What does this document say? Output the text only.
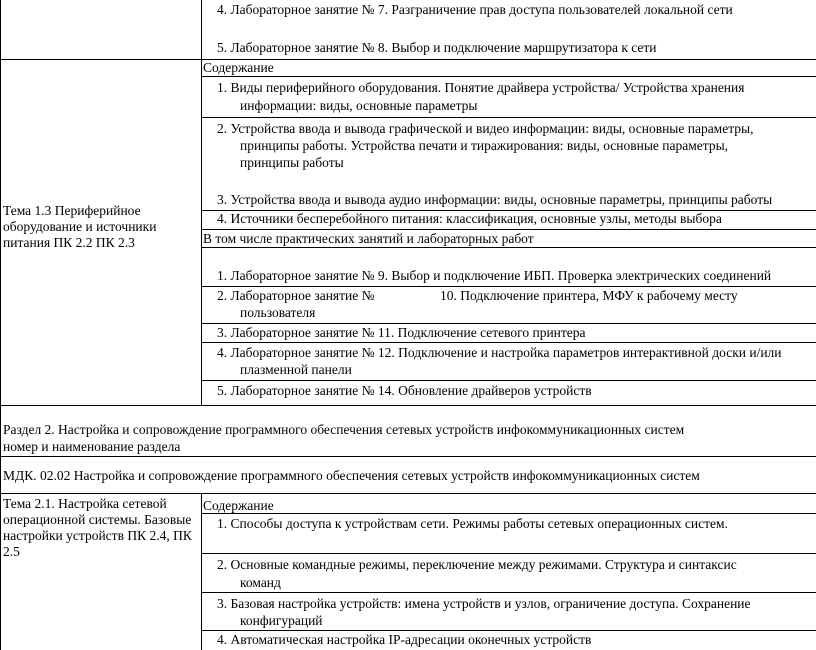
4. Лабораторное занятие № 7. Разграничение прав доступа пользователей локальной сети
5. Лабораторное занятие № 8. Выбор и подключение маршрутизатора к сети
Тема 1.3 Периферийное оборудование и источники питания ПК 2.2 ПК 2.3
Содержание
1. Виды периферийного оборудования. Понятие драйвера устройства/ Устройства хранения
информации: виды, основные параметры
2. Устройства ввода и вывода графической и видео информации: виды, основные параметры,
принципы работы. Устройства печати и тиражирования: виды, основные параметры,
принципы работы
3. Устройства ввода и вывода аудио информации: виды, основные параметры, принципы работы
4. Источники бесперебойного питания: классификация, основные узлы, методы выбора
В том числе практических занятий и лабораторных работ
1. Лабораторное занятие № 9. Выбор и подключение ИБП. Проверка электрических соединений
2. Лабораторное занятие №	10. Подключение принтера, МФУ к рабочему месту
пользователя
3. Лабораторное занятие № 11. Подключение сетевого принтера
4. Лабораторное занятие № 12. Подключение и настройка параметров интерактивной доски и/или
плазменной панели
5. Лабораторное занятие № 14. Обновление драйверов устройств
Раздел 2. Настройка и сопровождение программного обеспечения сетевых устройств инфокоммуникационных систем
номер и наименование раздела
МДК. 02.02 Настройка и сопровождение программного обеспечения сетевых устройств инфокоммуникационных систем
Тема 2.1. Настройка сетевой операционной системы. Базовые настройки устройств ПК 2.4, ПК 2.5
Содержание
1. Способы доступа к устройствам сети. Режимы работы сетевых операционных систем.
2. Основные командные режимы, переключение между режимами. Структура и синтаксис
команд
3. Базовая настройка устройств: имена устройств и узлов, ограничение доступа. Сохранение
конфигураций
4. Автоматическая настройка IP-адресации оконечных устройств
